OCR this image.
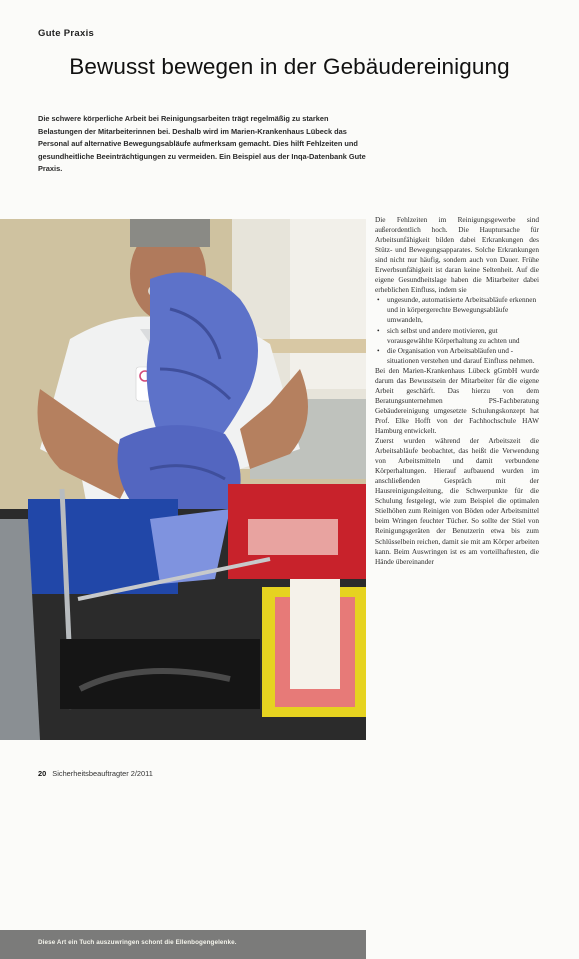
Gute Praxis
Bewusst bewegen in der Gebäudereinigung

Die schwere körperliche Arbeit bei Reinigungsarbeiten trägt regelmäßig zu starken Belastungen der Mitarbeiterinnen bei. Deshalb wird im Marien-Krankenhaus Lübeck das Personal auf alternative Bewegungsabläufe aufmerksam gemacht. Dies hilft Fehlzeiten und gesundheitliche Beeinträchtigungen zu vermeiden. Ein Beispiel aus der Inqa-Datenbank Gute Praxis.

Diese Art ein Tuch auszuwringen schont die Ellenbogengelenke.

Die Fehlzeiten im Reinigungsgewerbe sind außerordentlich hoch. Die Hauptursache für Arbeitsunfähigkeit bilden dabei Erkrankungen des Stütz- und Bewegungsapparates. Solche Erkrankungen sind nicht nur häufig, sondern auch von Dauer. Frühe Erwerbsunfähigkeit ist daran keine Seltenheit. Auf die eigene Gesundheitslage haben die Mitarbeiter dabei erheblichen Einfluss, indem sie

• ungesunde, automatisierte Arbeitsabläufe erkennen und in körpergerechte Bewegungsabläufe umwandeln,
• sich selbst und andere motivieren, gut vorausgewählte Körperhaltung zu achten und
• die Organisation von Arbeitsabläufen und -situationen verstehen und darauf Einfluss nehmen.

Bei den Marien-Krankenhaus Lübeck gGmbH wurde darum das Bewusstsein der Mitarbeiter für die eigene Arbeit geschärft. Das hierzu von dem Beratungsunternehmen PS-Fachberatung Gebäudereinigung umgesetzte Schulungskonzept hat Prof. Elke Hofft von der Fachhochschule HAW Hamburg entwickelt.

Zuerst wurden während der Arbeitszeit die Arbeitsabläufe beobachtet, das heißt die Verwendung von Arbeitsmitteln und damit verbundene Körperhaltungen. Hierauf aufbauend wurden im anschließenden Gespräch mit der Hausreinigungsleitung, die Schwerpunkte für die Schulung festgelegt, wie zum Beispiel die optimalen Stielhöhen zum Reinigen von Böden oder Arbeitsmittel beim Wringen feuchter Tücher. So sollte der Stiel von Reinigungsgeräten der Benutzerin etwa bis zum Schlüsselbein reichen, damit sie mit am Körper arbeiten kann. Beim Auswringen ist es am vorteilhaftesten, die Hände übereinander

20 Sicherheitsbeauftragter 2/2011
